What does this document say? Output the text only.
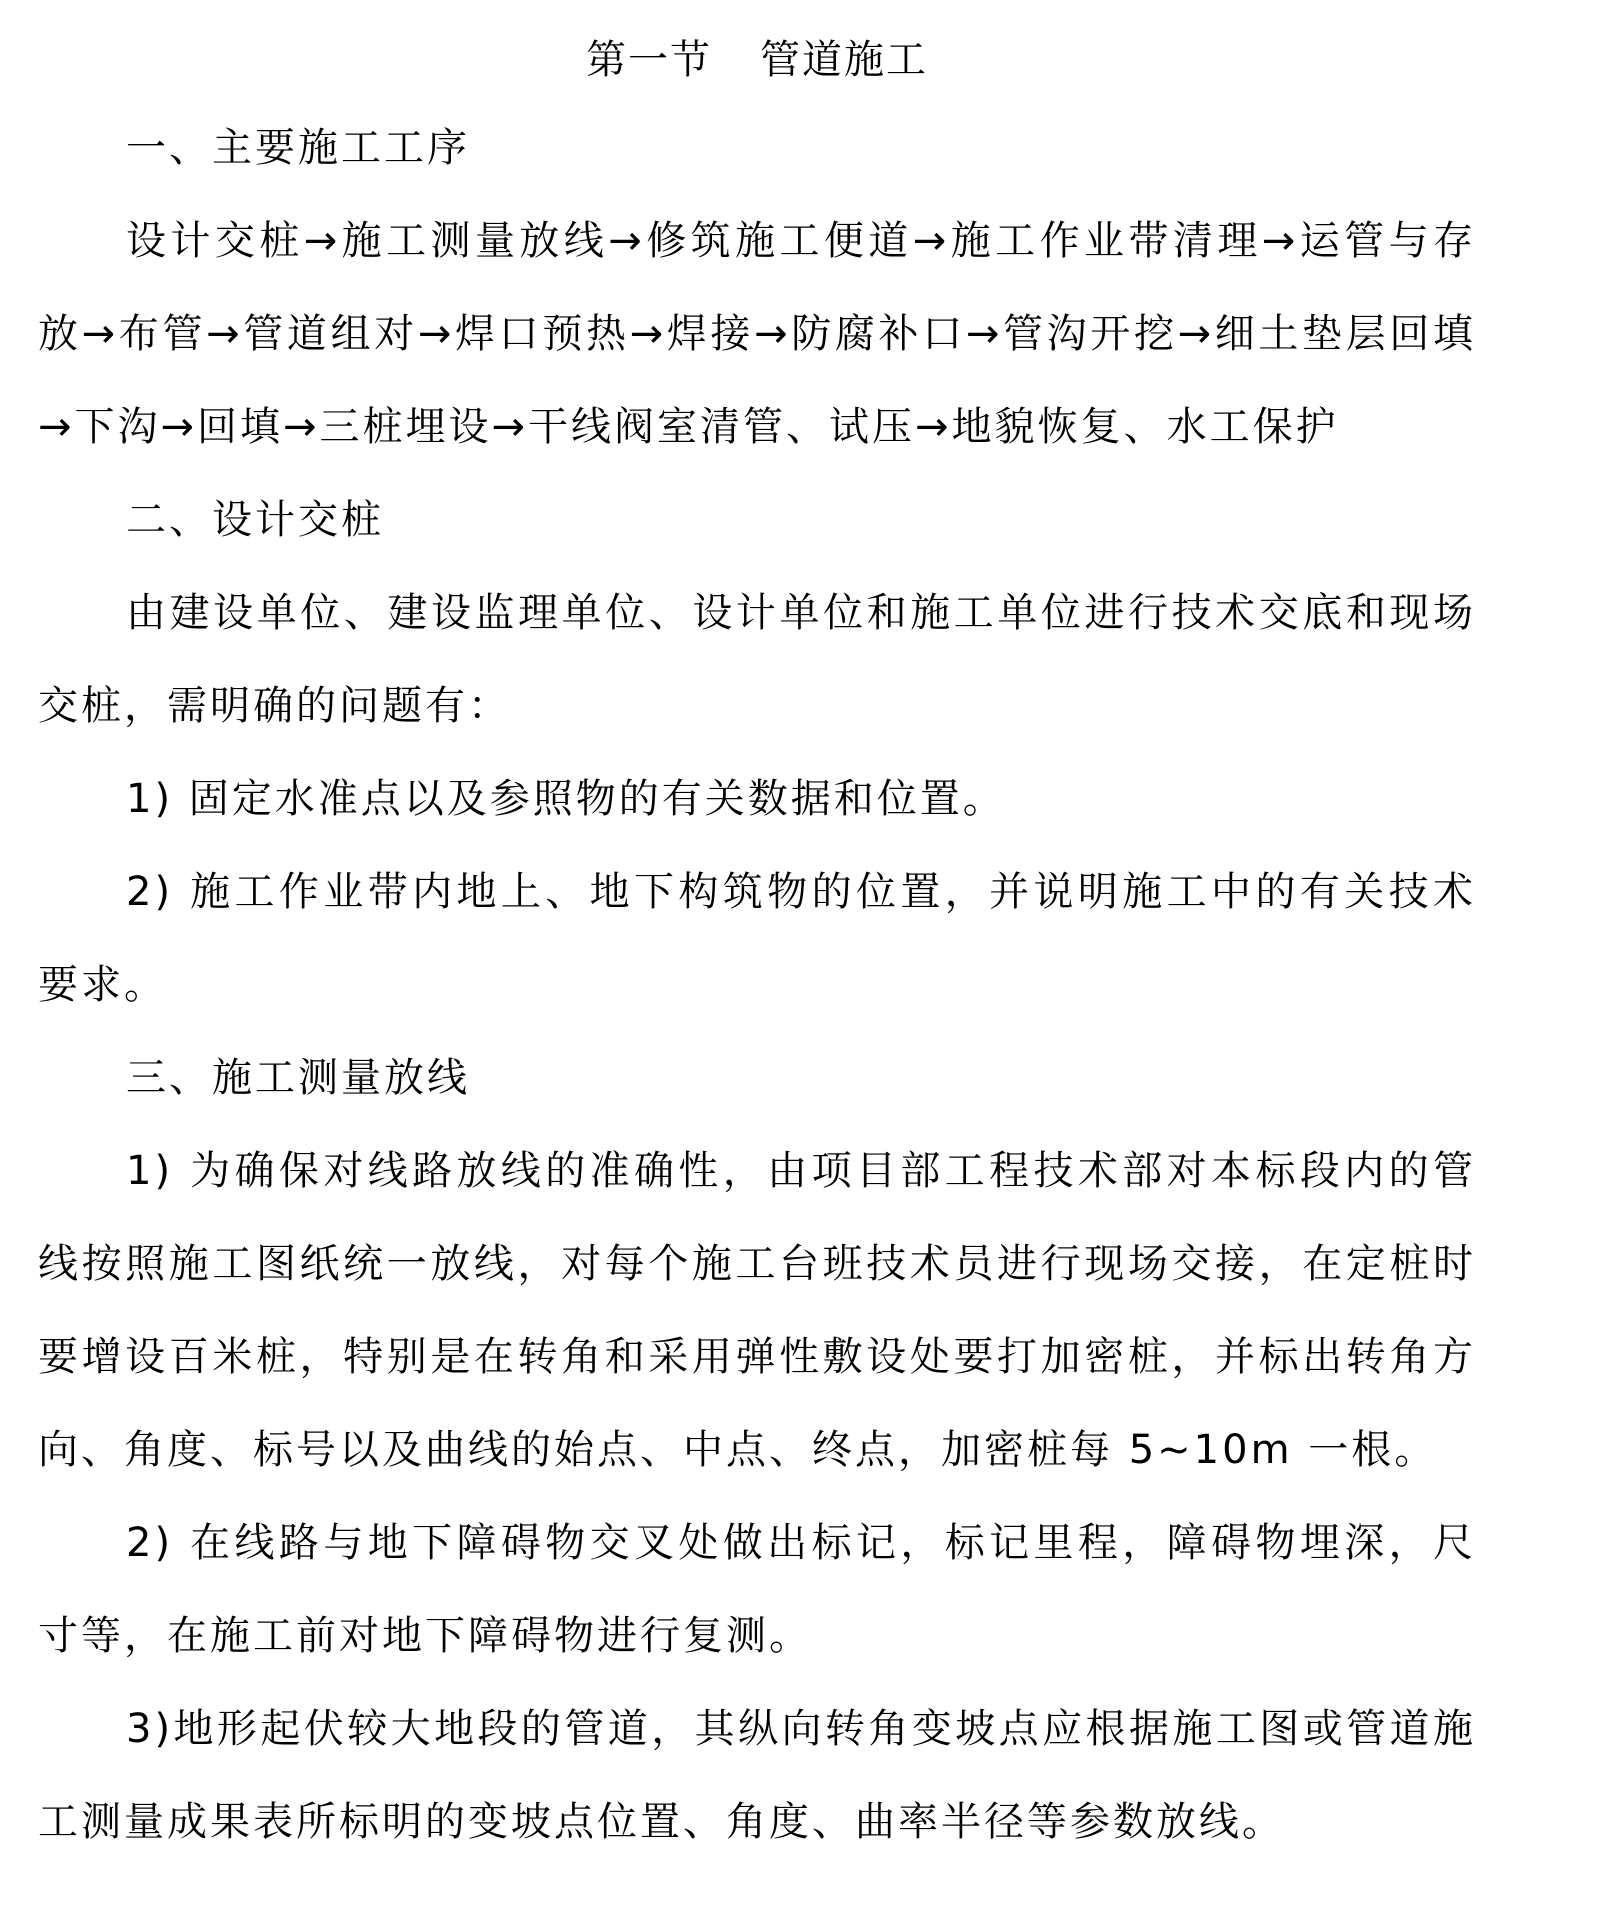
第一节 管道施工

一、主要施工工序

设计交桩→施工测量放线→修筑施工便道→施工作业带清理→运管与存放→布管→管道组对→焊口预热→焊接→防腐补口→管沟开挖→细土垫层回填→下沟→回填→三桩埋设→干线阀室清管、试压→地貌恢复、水工保护

二、设计交桩

由建设单位、建设监理单位、设计单位和施工单位进行技术交底和现场交桩，需明确的问题有：

1) 固定水准点以及参照物的有关数据和位置。

2) 施工作业带内地上、地下构筑物的位置，并说明施工中的有关技术要求。

三、施工测量放线

1) 为确保对线路放线的准确性，由项目部工程技术部对本标段内的管线按照施工图纸统一放线，对每个施工台班技术员进行现场交接，在定桩时要增设百米桩，特别是在转角和采用弹性敷设处要打加密桩，并标出转角方向、角度、标号以及曲线的始点、中点、终点，加密桩每 5~10m 一根。

2) 在线路与地下障碍物交叉处做出标记，标记里程，障碍物埋深，尺寸等，在施工前对地下障碍物进行复测。

3)地形起伏较大地段的管道，其纵向转角变坡点应根据施工图或管道施工测量成果表所标明的变坡点位置、角度、曲率半径等参数放线。
